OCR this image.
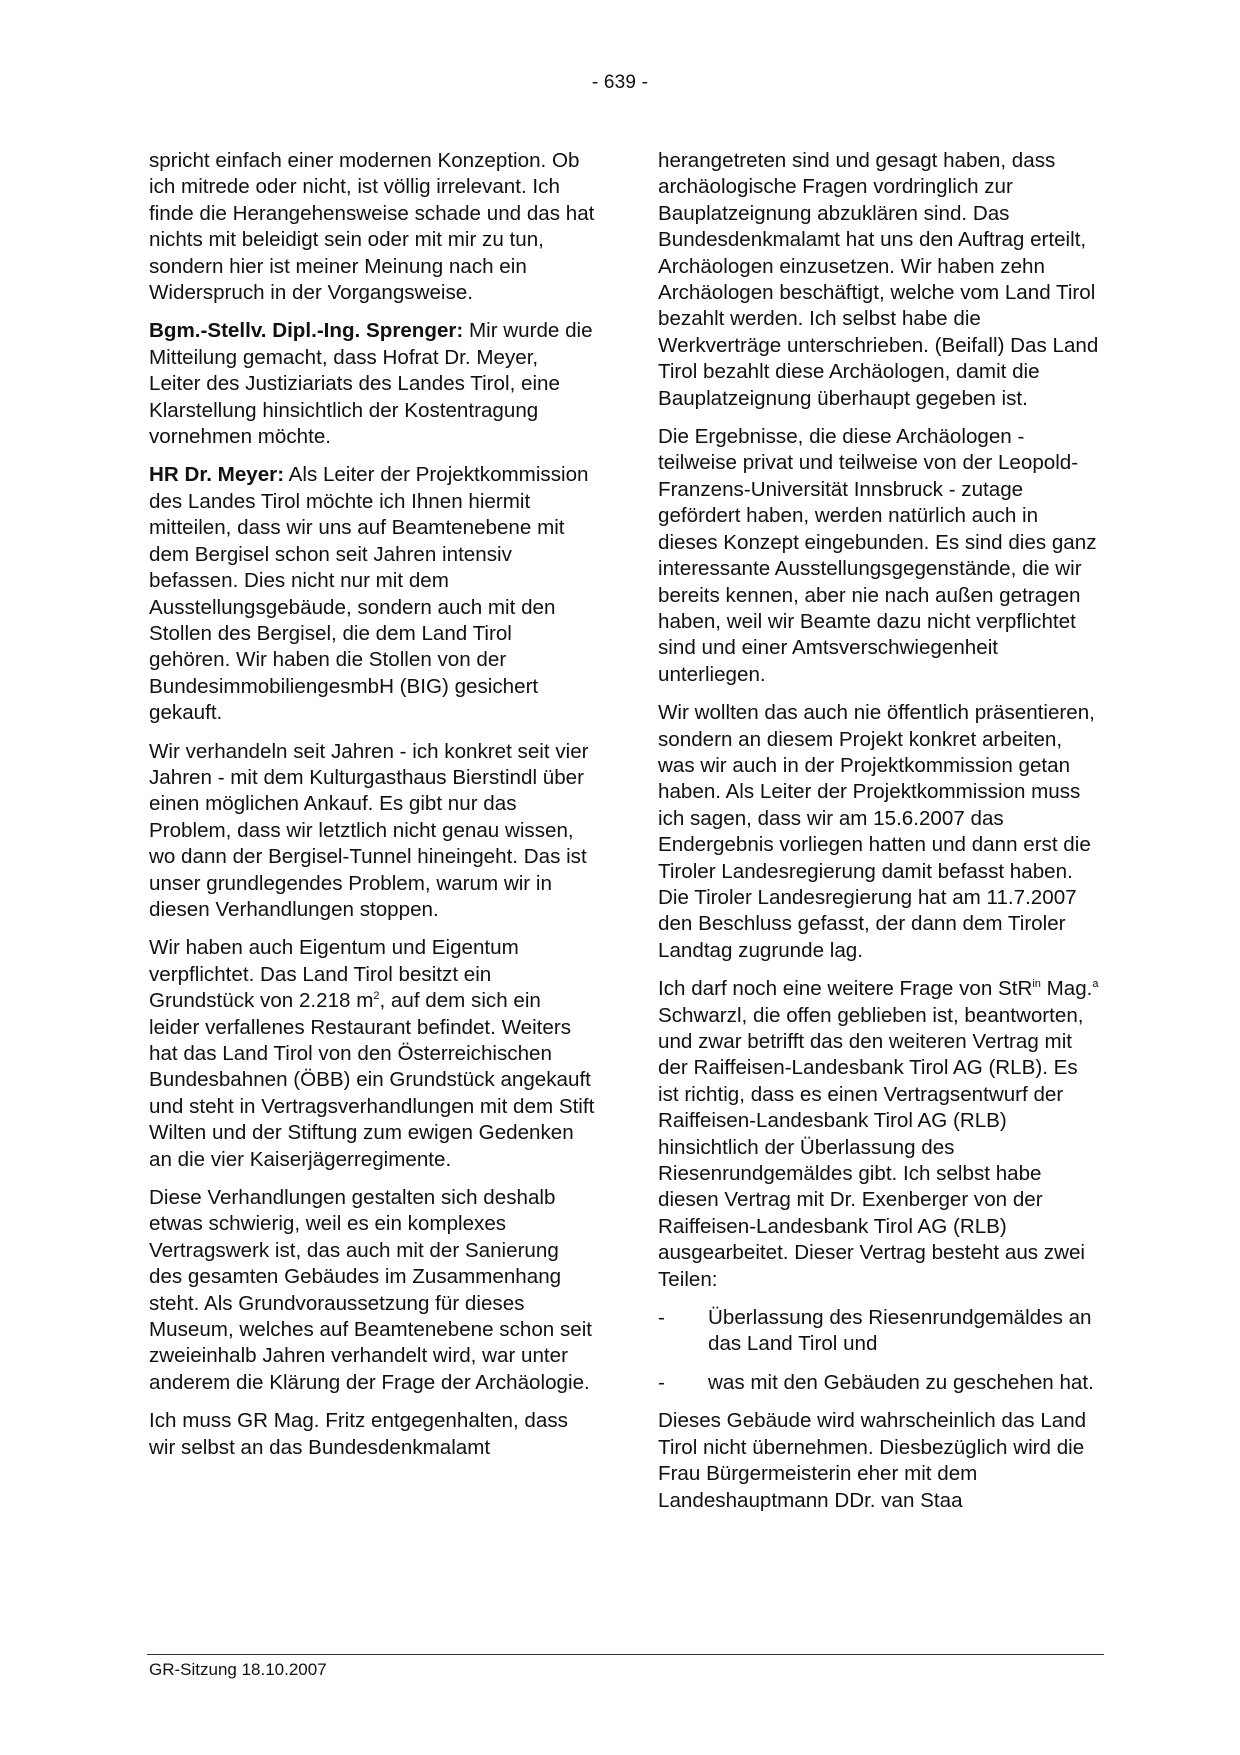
- 639 -

spricht einfach einer modernen Konzeption. Ob ich mitrede oder nicht, ist völlig irrelevant. Ich finde die Herangehensweise schade und das hat nichts mit beleidigt sein oder mit mir zu tun, sondern hier ist meiner Meinung nach ein Widerspruch in der Vorgangsweise.

Bgm.-Stellv. Dipl.-Ing. Sprenger: Mir wurde die Mitteilung gemacht, dass Hofrat Dr. Meyer, Leiter des Justiziariats des Landes Tirol, eine Klarstellung hinsichtlich der Kostentragung vornehmen möchte.

HR Dr. Meyer: Als Leiter der Projektkommission des Landes Tirol möchte ich Ihnen hiermit mitteilen, dass wir uns auf Beamtenebene mit dem Bergisel schon seit Jahren intensiv befassen. Dies nicht nur mit dem Ausstellungsgebäude, sondern auch mit den Stollen des Bergisel, die dem Land Tirol gehören. Wir haben die Stollen von der BundesimmobiliengesmbH (BIG) gesichert gekauft.

Wir verhandeln seit Jahren - ich konkret seit vier Jahren - mit dem Kulturgasthaus Bierstindl über einen möglichen Ankauf. Es gibt nur das Problem, dass wir letztlich nicht genau wissen, wo dann der Bergisel-Tunnel hineingeht. Das ist unser grundlegendes Problem, warum wir in diesen Verhandlungen stoppen.

Wir haben auch Eigentum und Eigentum verpflichtet. Das Land Tirol besitzt ein Grundstück von 2.218 $m^2$, auf dem sich ein leider verfallenes Restaurant befindet. Weiters hat das Land Tirol von den Österreichischen Bundesbahnen (ÖBB) ein Grundstück angekauft und steht in Vertragsverhandlungen mit dem Stift Wilten und der Stiftung zum ewigen Gedenken an die vier Kaiserjägerregimente.

Diese Verhandlungen gestalten sich deshalb etwas schwierig, weil es ein komplexes Vertragswerk ist, das auch mit der Sanierung des gesamten Gebäudes im Zusammenhang steht. Als Grundvoraussetzung für dieses Museum, welches auf Beamtenebene schon seit zweieinhalb Jahren verhandelt wird, war unter anderem die Klärung der Frage der Archäologie.

Ich muss GR Mag. Fritz entgegenhalten, dass wir selbst an das Bundesdenkmalamt

herangetreten sind und gesagt haben, dass archäologische Fragen vordringlich zur Bauplatzeignung abzuklären sind. Das Bundesdenkmalamt hat uns den Auftrag erteilt, Archäologen einzusetzen. Wir haben zehn Archäologen beschäftigt, welche vom Land Tirol bezahlt werden. Ich selbst habe die Werkverträge unterschrieben. (Beifall) Das Land Tirol bezahlt diese Archäologen, damit die Bauplatzeignung überhaupt gegeben ist.

Die Ergebnisse, die diese Archäologen - teilweise privat und teilweise von der Leopold-Franzens-Universität Innsbruck - zutage gefördert haben, werden natürlich auch in dieses Konzept eingebunden. Es sind dies ganz interessante Ausstellungsgegenstände, die wir bereits kennen, aber nie nach außen getragen haben, weil wir Beamte dazu nicht verpflichtet sind und einer Amtsverschwiegenheit unterliegen.

Wir wollten das auch nie öffentlich präsentieren, sondern an diesem Projekt konkret arbeiten, was wir auch in der Projektkommission getan haben. Als Leiter der Projektkommission muss ich sagen, dass wir am 15.6.2007 das Endergebnis vorliegen hatten und dann erst die Tiroler Landesregierung damit befasst haben. Die Tiroler Landesregierung hat am 11.7.2007 den Beschluss gefasst, der dann dem Tiroler Landtag zugrunde lag.

Ich darf noch eine weitere Frage von StR$^{in}$ Mag.$^a$ Schwarzl, die offen geblieben ist, beantworten, und zwar betrifft das den weiteren Vertrag mit der Raiffeisen-Landesbank Tirol AG (RLB). Es ist richtig, dass es einen Vertragsentwurf der Raiffeisen-Landesbank Tirol AG (RLB) hinsichtlich der Überlassung des Riesenrundgemäldes gibt. Ich selbst habe diesen Vertrag mit Dr. Exenberger von der Raiffeisen-Landesbank Tirol AG (RLB) ausgearbeitet. Dieser Vertrag besteht aus zwei Teilen:

-	Überlassung des Riesenrundgemäldes an das Land Tirol und
-	was mit den Gebäuden zu geschehen hat.

Dieses Gebäude wird wahrscheinlich das Land Tirol nicht übernehmen. Diesbezüglich wird die Frau Bürgermeisterin eher mit dem Landeshauptmann DDr. van Staa

GR-Sitzung 18.10.2007
